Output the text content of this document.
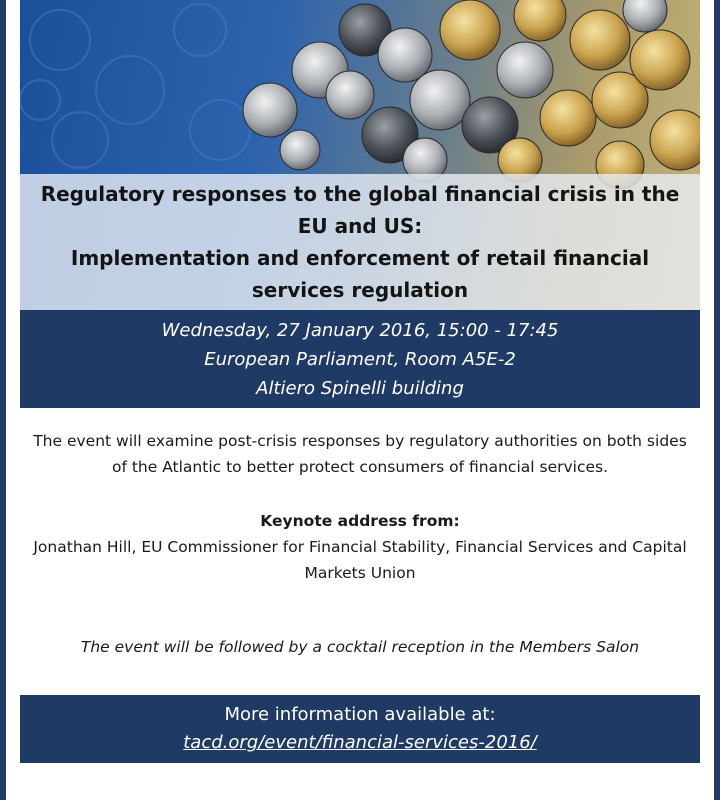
Regulatory responses to the global financial crisis in the EU and US:
Implementation and enforcement of retail financial services regulation
Wednesday, 27 January 2016, 15:00 - 17:45
European Parliament, Room A5E-2
Altiero Spinelli building
The event will examine post-crisis responses by regulatory authorities on both sides of the Atlantic to better protect consumers of financial services.
Keynote address from:
Jonathan Hill, EU Commissioner for Financial Stability, Financial Services and Capital Markets Union
The event will be followed by a cocktail reception in the Members Salon
More information available at:
tacd.org/event/financial-services-2016/
